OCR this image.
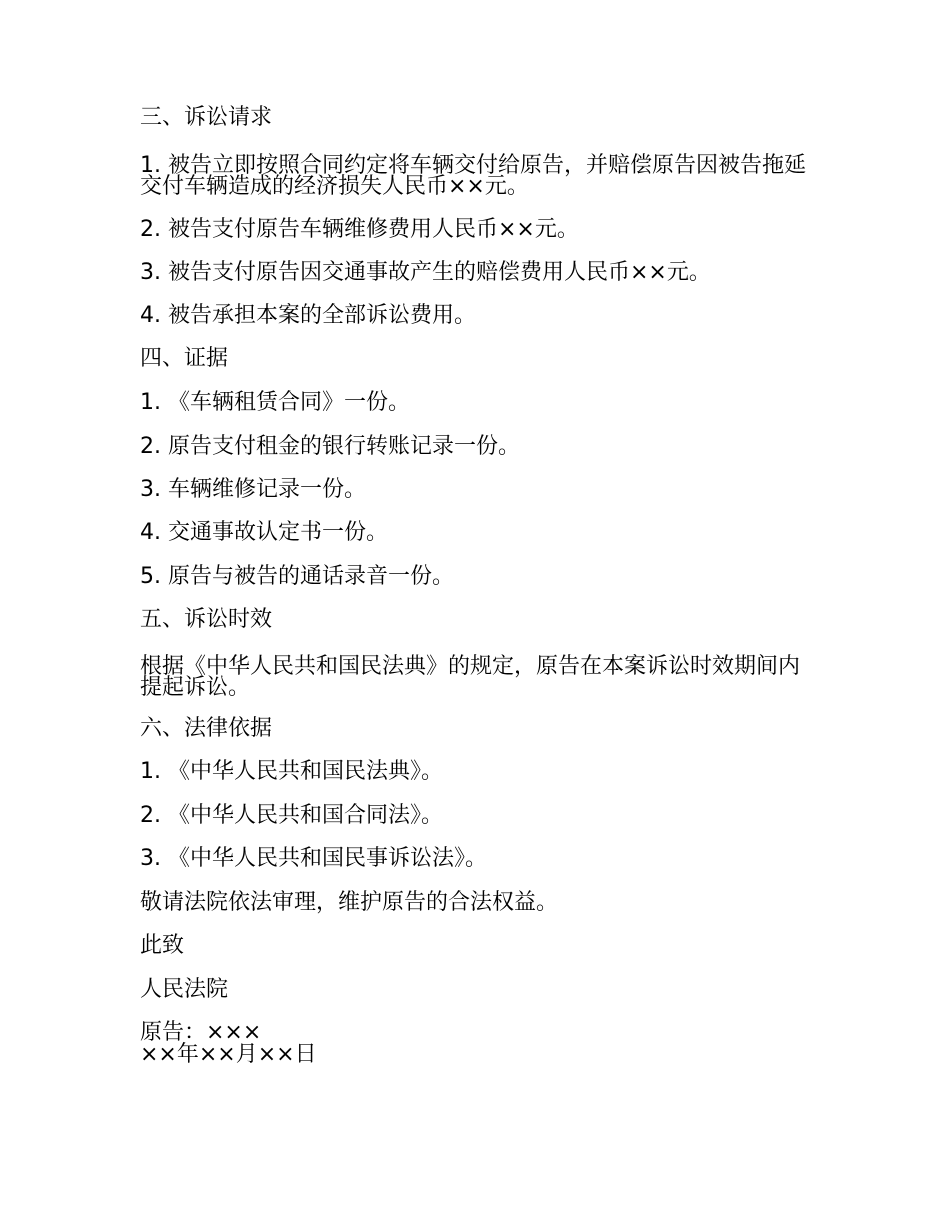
三、诉讼请求
1. 被告立即按照合同约定将车辆交付给原告，并赔偿原告因被告拖延交付车辆造成的经济损失人民币××元。
2. 被告支付原告车辆维修费用人民币××元。
3. 被告支付原告因交通事故产生的赔偿费用人民币××元。
4. 被告承担本案的全部诉讼费用。
四、证据
1. 《车辆租赁合同》一份。
2. 原告支付租金的银行转账记录一份。
3. 车辆维修记录一份。
4. 交通事故认定书一份。
5. 原告与被告的通话录音一份。
五、诉讼时效
根据《中华人民共和国民法典》的规定，原告在本案诉讼时效期间内提起诉讼。
六、法律依据
1. 《中华人民共和国民法典》。
2. 《中华人民共和国合同法》。
3. 《中华人民共和国民事诉讼法》。
敬请法院依法审理，维护原告的合法权益。
此致
人民法院
原告：×××
××年××月××日
